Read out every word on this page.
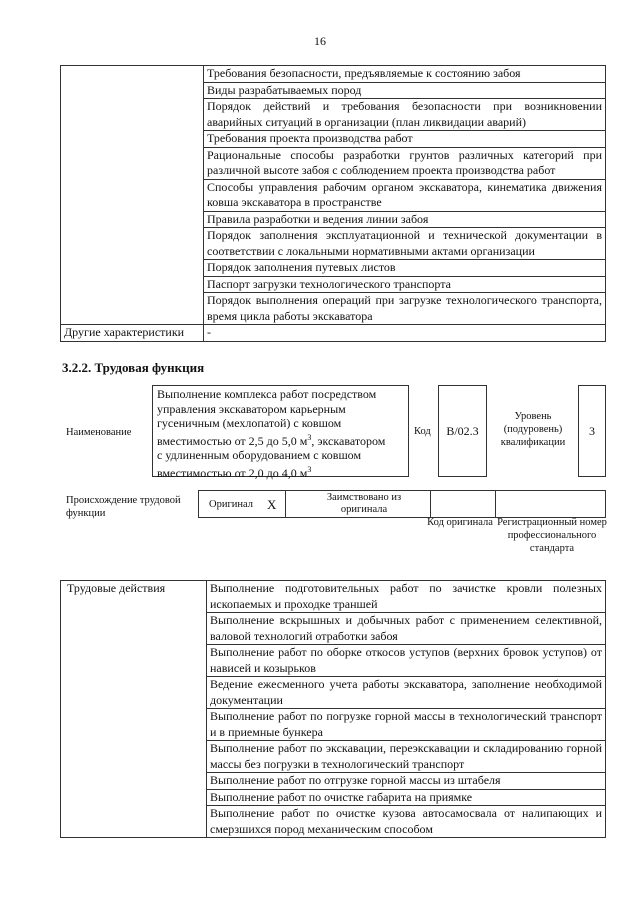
16
	Требования безопасности, предъявляемые к состоянию забоя
	Виды разрабатываемых пород
	Порядок действий и требования безопасности при возникновении аварийных ситуаций в организации (план ликвидации аварий)
	Требования проекта производства работ
	Рациональные способы разработки грунтов различных категорий при различной высоте забоя с соблюдением проекта производства работ
	Способы управления рабочим органом экскаватора, кинематика движения ковша экскаватора в пространстве
	Правила разработки и ведения линии забоя
	Порядок заполнения эксплуатационной и технической документации в соответствии с локальными нормативными актами организации
	Порядок заполнения путевых листов
	Паспорт загрузки технологического транспорта
	Порядок выполнения операций при загрузке технологического транспорта, время цикла работы экскаватора
Другие характеристики	-
3.2.2. Трудовая функция
Наименование
Выполнение комплекса работ посредством
управления экскаватором карьерным
гусеничным (мехлопатой) с ковшом
вместимостью от 2,5 до 5,0 $м^3$, экскаватором
с удлиненным оборудованием с ковшом
вместимостью от 2,0 до 4,0 $м^3$
Код	B/02.3
Уровень (подуровень) квалификации
3
Происхождение трудовой функции
Оригинал X	Заимствовано из оригинала
Код оригинала Регистрационный номер профессионального стандарта
Трудовые действия	Выполнение подготовительных работ по зачистке кровли полезных ископаемых и проходке траншей
Выполнение вскрышных и добычных работ с применением селективной, валовой технологий отработки забоя
Выполнение работ по оборке откосов уступов (верхних бровок уступов) от нависей и козырьков
Ведение ежесменного учета работы экскаватора, заполнение необходимой документации
Выполнение работ по погрузке горной массы в технологический транспорт и в приемные бункера
Выполнение работ по экскавации, переэкскавации и складированию горной массы без погрузки в технологический транспорт
Выполнение работ по отгрузке горной массы из штабеля
Выполнение работ по очистке габарита на приямке
Выполнение работ по очистке кузова автосамосвала от налипающих и смерзшихся пород механическим способом
